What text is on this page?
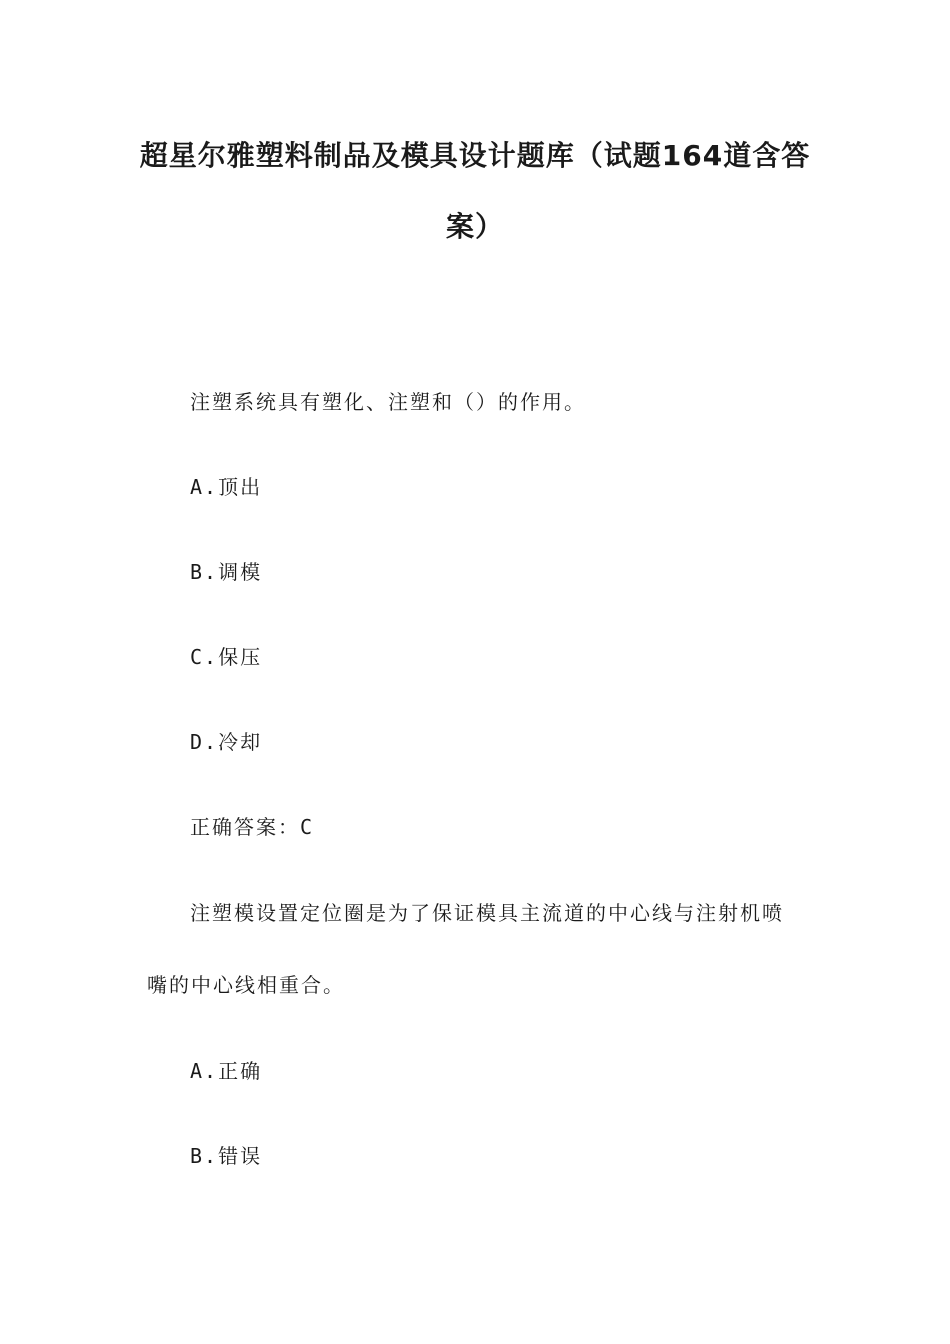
超星尔雅塑料制品及模具设计题库（试题164道含答
案）
注塑系统具有塑化、注塑和（）的作用。
A.顶出
B.调模
C.保压
D.冷却
正确答案：C
注塑模设置定位圈是为了保证模具主流道的中心线与注射机喷
嘴的中心线相重合。
A.正确
B.错误
